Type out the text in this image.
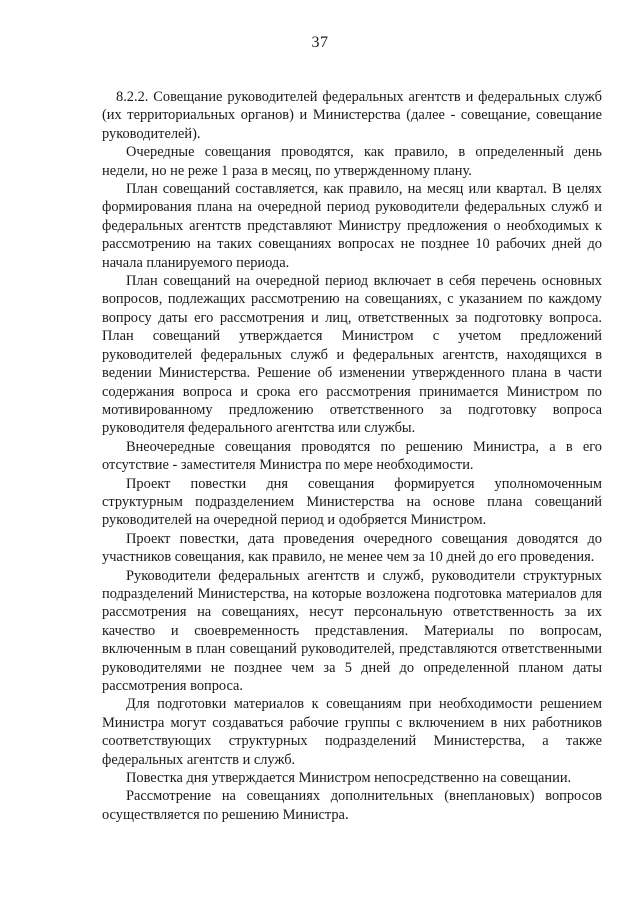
37

8.2.2. Совещание руководителей федеральных агентств и федеральных служб (их территориальных органов) и Министерства (далее - совещание, совещание руководителей).

Очередные совещания проводятся, как правило, в определенный день недели, но не реже 1 раза в месяц, по утвержденному плану.

План совещаний составляется, как правило, на месяц или квартал. В целях формирования плана на очередной период руководители федеральных служб и федеральных агентств представляют Министру предложения о необходимых к рассмотрению на таких совещаниях вопросах не позднее 10 рабочих дней до начала планируемого периода.

План совещаний на очередной период включает в себя перечень основных вопросов, подлежащих рассмотрению на совещаниях, с указанием по каждому вопросу даты его рассмотрения и лиц, ответственных за подготовку вопроса. План совещаний утверждается Министром с учетом предложений руководителей федеральных служб и федеральных агентств, находящихся в ведении Министерства. Решение об изменении утвержденного плана в части содержания вопроса и срока его рассмотрения принимается Министром по мотивированному предложению ответственного за подготовку вопроса руководителя федерального агентства или службы.

Внеочередные совещания проводятся по решению Министра, а в его отсутствие - заместителя Министра по мере необходимости.

Проект повестки дня совещания формируется уполномоченным структурным подразделением Министерства на основе плана совещаний руководителей на очередной период и одобряется Министром.

Проект повестки, дата проведения очередного совещания доводятся до участников совещания, как правило, не менее чем за 10 дней до его проведения.

Руководители федеральных агентств и служб, руководители структурных подразделений Министерства, на которые возложена подготовка материалов для рассмотрения на совещаниях, несут персональную ответственность за их качество и своевременность представления. Материалы по вопросам, включенным в план совещаний руководителей, представляются ответственными руководителями не позднее чем за 5 дней до определенной планом даты рассмотрения вопроса.

Для подготовки материалов к совещаниям при необходимости решением Министра могут создаваться рабочие группы с включением в них работников соответствующих структурных подразделений Министерства, а также федеральных агентств и служб.

Повестка дня утверждается Министром непосредственно на совещании.

Рассмотрение на совещаниях дополнительных (внеплановых) вопросов осуществляется по решению Министра.
